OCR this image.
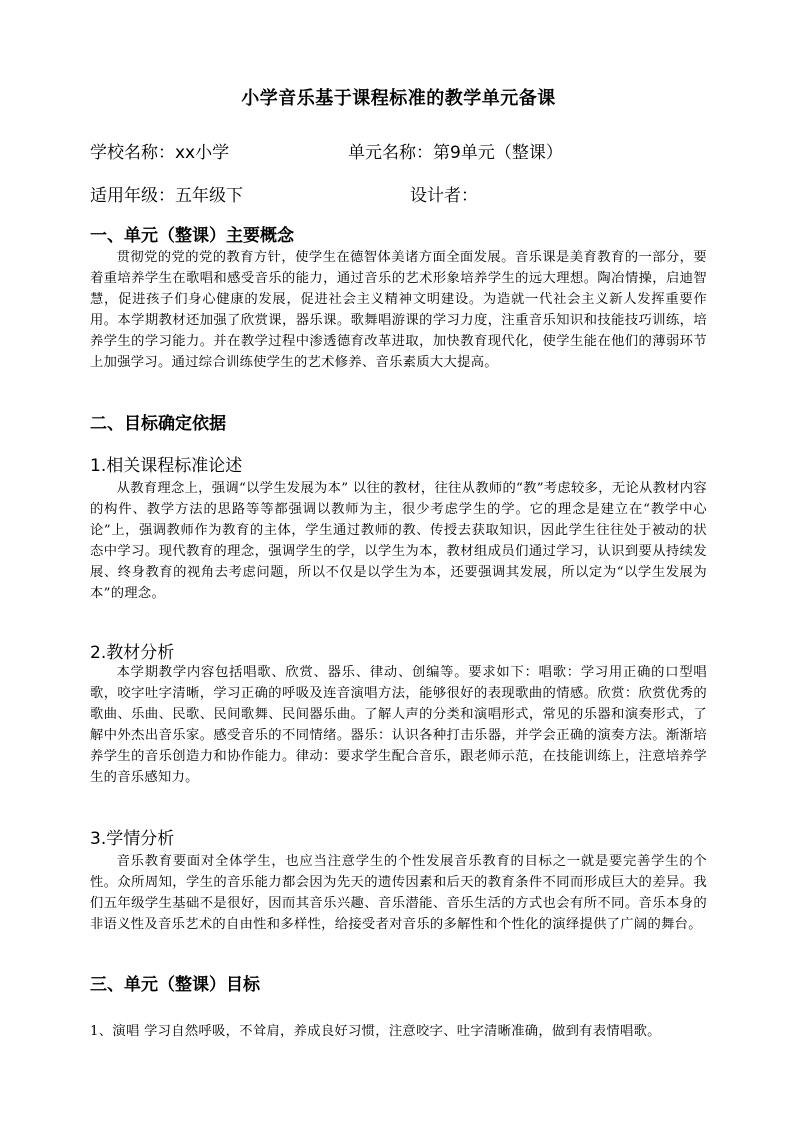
小学音乐基于课程标准的教学单元备课
学校名称：xx小学	单元名称：第9单元（整课）
适用年级：五年级下	设计者：
一、单元（整课）主要概念
贯彻党的党的党的教育方针，使学生在德智体美诸方面全面发展。音乐课是美育教育的一部分，要着重培养学生在歌唱和感受音乐的能力，通过音乐的艺术形象培养学生的远大理想。陶冶情操，启迪智慧，促进孩子们身心健康的发展，促进社会主义精神文明建设。为造就一代社会主义新人发挥重要作用。本学期教材还加强了欣赏课，器乐课。歌舞唱游课的学习力度，注重音乐知识和技能技巧训练，培养学生的学习能力。并在教学过程中渗透德育改革进取，加快教育现代化，使学生能在他们的薄弱环节上加强学习。通过综合训练使学生的艺术修养、音乐素质大大提高。
二、目标确定依据
1.相关课程标准论述
从教育理念上，强调“以学生发展为本” 以往的教材，往往从教师的“教”考虑较多，无论从教材内容的构件、教学方法的思路等等都强调以教师为主，很少考虑学生的学。它的理念是建立在“教学中心论”上，强调教师作为教育的主体，学生通过教师的教、传授去获取知识，因此学生往往处于被动的状态中学习。现代教育的理念，强调学生的学，以学生为本，教材组成员们通过学习，认识到要从持续发展、终身教育的视角去考虑问题，所以不仅是以学生为本，还要强调其发展，所以定为“以学生发展为本”的理念。
2.教材分析
本学期教学内容包括唱歌、欣赏、器乐、律动、创编等。要求如下：唱歌：学习用正确的口型唱歌，咬字吐字清晰，学习正确的呼吸及连音演唱方法，能够很好的表现歌曲的情感。欣赏：欣赏优秀的歌曲、乐曲、民歌、民间歌舞、民间器乐曲。了解人声的分类和演唱形式，常见的乐器和演奏形式，了解中外杰出音乐家。感受音乐的不同情绪。器乐：认识各种打击乐器，并学会正确的演奏方法。渐渐培养学生的音乐创造力和协作能力。律动：要求学生配合音乐，跟老师示范，在技能训练上，注意培养学生的音乐感知力。
3.学情分析
音乐教育要面对全体学生，也应当注意学生的个性发展音乐教育的目标之一就是要完善学生的个性。众所周知，学生的音乐能力都会因为先天的遗传因素和后天的教育条件不同而形成巨大的差异。我们五年级学生基础不是很好，因而其音乐兴趣、音乐潜能、音乐生活的方式也会有所不同。音乐本身的非语义性及音乐艺术的自由性和多样性，给接受者对音乐的多解性和个性化的演绎提供了广阔的舞台。
三、单元（整课）目标
1、演唱 学习自然呼吸，不耸肩，养成良好习惯，注意咬字、吐字清晰准确，做到有表情唱歌。
